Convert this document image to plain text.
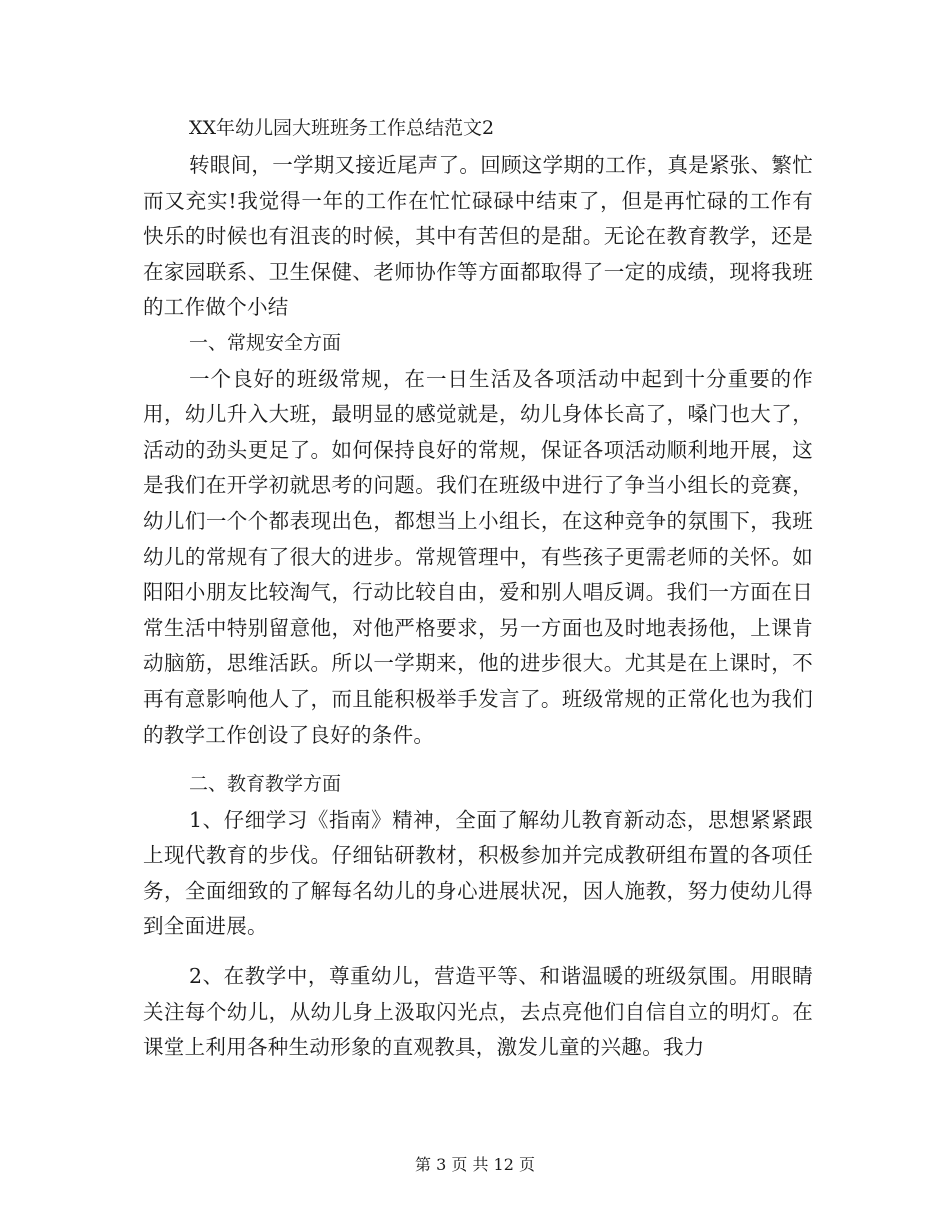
XX年幼儿园大班班务工作总结范文2

转眼间，一学期又接近尾声了。回顾这学期的工作，真是紧张、繁忙而又充实!我觉得一年的工作在忙忙碌碌中结束了，但是再忙碌的工作有快乐的时候也有沮丧的时候，其中有苦但的是甜。无论在教育教学，还是在家园联系、卫生保健、老师协作等方面都取得了一定的成绩，现将我班的工作做个小结

一、常规安全方面

一个良好的班级常规，在一日生活及各项活动中起到十分重要的作用，幼儿升入大班，最明显的感觉就是，幼儿身体长高了，嗓门也大了，活动的劲头更足了。如何保持良好的常规，保证各项活动顺利地开展，这是我们在开学初就思考的问题。我们在班级中进行了争当小组长的竞赛，幼儿们一个个都表现出色，都想当上小组长，在这种竞争的氛围下，我班幼儿的常规有了很大的进步。常规管理中，有些孩子更需老师的关怀。如阳阳小朋友比较淘气，行动比较自由，爱和别人唱反调。我们一方面在日常生活中特别留意他，对他严格要求，另一方面也及时地表扬他，上课肯动脑筋，思维活跃。所以一学期来，他的进步很大。尤其是在上课时，不再有意影响他人了，而且能积极举手发言了。班级常规的正常化也为我们的教学工作创设了良好的条件。

二、教育教学方面

1、仔细学习《指南》精神，全面了解幼儿教育新动态，思想紧紧跟上现代教育的步伐。仔细钻研教材，积极参加并完成教研组布置的各项任务，全面细致的了解每名幼儿的身心进展状况，因人施教，努力使幼儿得到全面进展。

2、在教学中，尊重幼儿，营造平等、和谐温暖的班级氛围。用眼睛关注每个幼儿，从幼儿身上汲取闪光点，去点亮他们自信自立的明灯。在课堂上利用各种生动形象的直观教具，激发儿童的兴趣。我力

第 3 页 共 12 页
